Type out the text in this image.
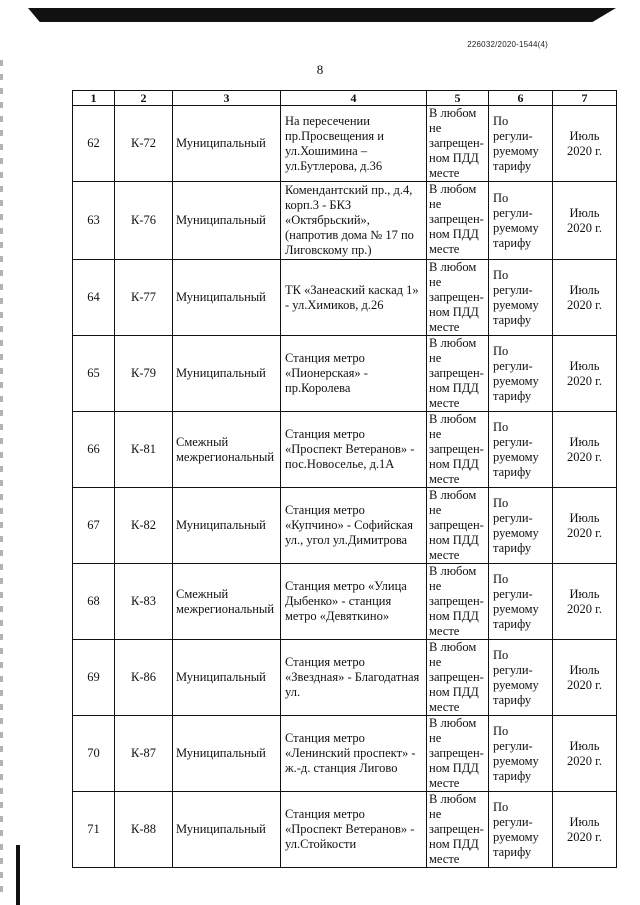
226032/2020-1544(4)
8
1	2	3	4	5	6	7
62	К-72	Муниципальный	На пересечении пр.Просвещения и ул.Хошимина – ул.Бутлерова, д.36	В любом не запрещен-ном ПДД месте	По регули-руемому тарифу	Июль 2020 г.
63	К-76	Муниципальный	Комендантский пр., д.4, корп.3 - БКЗ «Октябрьский», (напротив дома № 17 по Лиговскому пр.)	В любом не запрещен-ном ПДД месте	По регули-руемому тарифу	Июль 2020 г.
64	К-77	Муниципальный	ТК «Занеаский каскад 1» - ул.Химиков, д.26	В любом не запрещен-ном ПДД месте	По регули-руемому тарифу	Июль 2020 г.
65	К-79	Муниципальный	Станция метро «Пионерская» - пр.Королева	В любом не запрещен-ном ПДД месте	По регули-руемому тарифу	Июль 2020 г.
66	К-81	Смежный межрегиональный	Станция метро «Проспект Ветеранов» - пос.Новоселье, д.1А	В любом не запрещен-ном ПДД месте	По регули-руемому тарифу	Июль 2020 г.
67	К-82	Муниципальный	Станция метро «Купчино» - Софийская ул., угол ул.Димитрова	В любом не запрещен-ном ПДД месте	По регули-руемому тарифу	Июль 2020 г.
68	К-83	Смежный межрегиональный	Станция метро «Улица Дыбенко» - станция метро «Девяткино»	В любом не запрещен-ном ПДД месте	По регули-руемому тарифу	Июль 2020 г.
69	К-86	Муниципальный	Станция метро «Звездная» - Благодатная ул.	В любом не запрещен-ном ПДД месте	По регули-руемому тарифу	Июль 2020 г.
70	К-87	Муниципальный	Станция метро «Ленинский проспект» - ж.-д. станция Лигово	В любом не запрещен-ном ПДД месте	По регули-руемому тарифу	Июль 2020 г.
71	К-88	Муниципальный	Станция метро «Проспект Ветеранов» - ул.Стойкости	В любом не запрещен-ном ПДД месте	По регули-руемому тарифу	Июль 2020 г.
